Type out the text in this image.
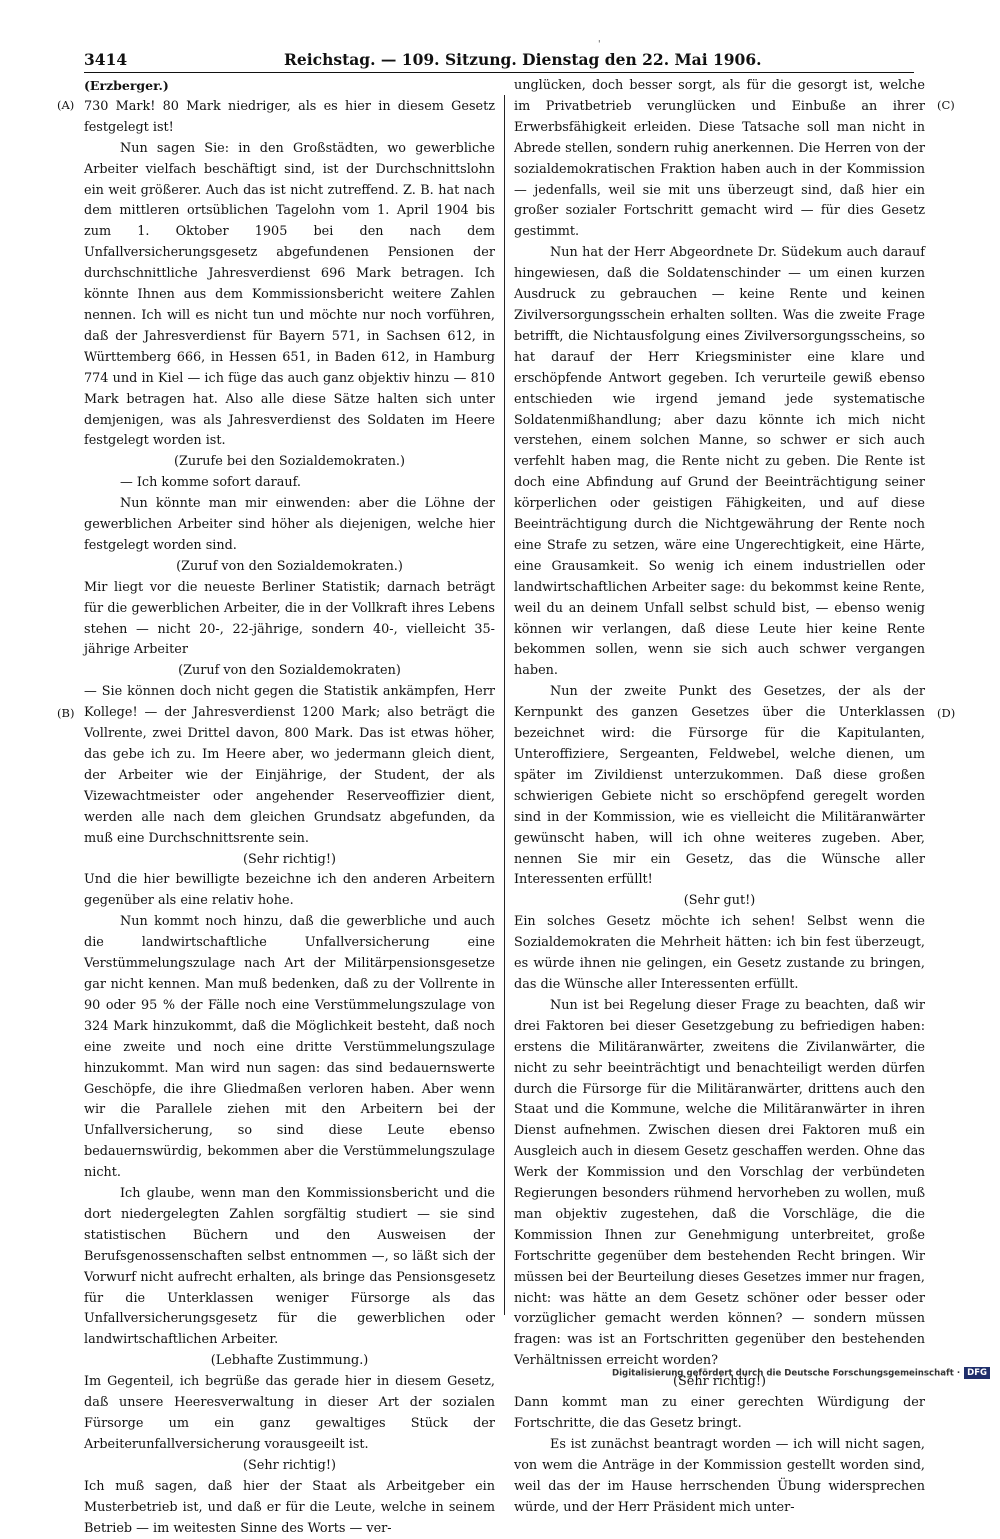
'
3414	Reichstag. — 109. Sitzung. Dienstag den 22. Mai 1906.
(A)
(B)
(C)
(D)

(Erzberger.)

730 Mark! 80 Mark niedriger, als es hier in diesem Gesetz festgelegt ist!

Nun sagen Sie: in den Großstädten, wo gewerbliche Arbeiter vielfach beschäftigt sind, ist der Durchschnittslohn ein weit größerer. Auch das ist nicht zutreffend. Z. B. hat nach dem mittleren ortsüblichen Tagelohn vom 1. April 1904 bis zum 1. Oktober 1905 bei den nach dem Unfallversicherungsgesetz abgefundenen Pensionen der durchschnittliche Jahresverdienst 696 Mark betragen. Ich könnte Ihnen aus dem Kommissionsbericht weitere Zahlen nennen. Ich will es nicht tun und möchte nur noch vorführen, daß der Jahresverdienst für Bayern 571, in Sachsen 612, in Württemberg 666, in Hessen 651, in Baden 612, in Hamburg 774 und in Kiel — ich füge das auch ganz objektiv hinzu — 810 Mark betragen hat. Also alle diese Sätze halten sich unter demjenigen, was als Jahresverdienst des Soldaten im Heere festgelegt worden ist.

(Zurufe bei den Sozialdemokraten.)

— Ich komme sofort darauf.

Nun könnte man mir einwenden: aber die Löhne der gewerblichen Arbeiter sind höher als diejenigen, welche hier festgelegt worden sind.

(Zuruf von den Sozialdemokraten.)

Mir liegt vor die neueste Berliner Statistik; darnach beträgt für die gewerblichen Arbeiter, die in der Vollkraft ihres Lebens stehen — nicht 20-, 22-jährige, sondern 40-, vielleicht 35-jährige Arbeiter

(Zuruf von den Sozialdemokraten)

— Sie können doch nicht gegen die Statistik ankämpfen, Herr Kollege! — der Jahresverdienst 1200 Mark; also beträgt die Vollrente, zwei Drittel davon, 800 Mark. Das ist etwas höher, das gebe ich zu. Im Heere aber, wo jedermann gleich dient, der Arbeiter wie der Einjährige, der Student, der als Vizewachtmeister oder angehender Reserveoffizier dient, werden alle nach dem gleichen Grundsatz abgefunden, da muß eine Durchschnittsrente sein.

(Sehr richtig!)

Und die hier bewilligte bezeichne ich den anderen Arbeitern gegenüber als eine relativ hohe.

Nun kommt noch hinzu, daß die gewerbliche und auch die landwirtschaftliche Unfallversicherung eine Verstümmelungszulage nach Art der Militärpensionsgesetze gar nicht kennen. Man muß bedenken, daß zu der Vollrente in 90 oder 95 % der Fälle noch eine Verstümmelungszulage von 324 Mark hinzukommt, daß die Möglichkeit besteht, daß noch eine zweite und noch eine dritte Verstümmelungszulage hinzukommt. Man wird nun sagen: das sind bedauernswerte Geschöpfe, die ihre Gliedmaßen verloren haben. Aber wenn wir die Parallele ziehen mit den Arbeitern bei der Unfallversicherung, so sind diese Leute ebenso bedauernswürdig, bekommen aber die Verstümmelungszulage nicht.

Ich glaube, wenn man den Kommissionsbericht und die dort niedergelegten Zahlen sorgfältig studiert — sie sind statistischen Büchern und den Ausweisen der Berufsgenossenschaften selbst entnommen —, so läßt sich der Vorwurf nicht aufrecht erhalten, als bringe das Pensionsgesetz für die Unterklassen weniger Fürsorge als das Unfallversicherungsgesetz für die gewerblichen oder landwirtschaftlichen Arbeiter.

(Lebhafte Zustimmung.)

Im Gegenteil, ich begrüße das gerade hier in diesem Gesetz, daß unsere Heeresverwaltung in dieser Art der sozialen Fürsorge um ein ganz gewaltiges Stück der Arbeiterunfallversicherung vorausgeeilt ist.

(Sehr richtig!)

Ich muß sagen, daß hier der Staat als Arbeitgeber ein Musterbetrieb ist, und daß er für die Leute, welche in seinem Betrieb — im weitesten Sinne des Worts — ver-

unglücken, doch besser sorgt, als für die gesorgt ist, welche im Privatbetrieb verunglücken und Einbuße an ihrer Erwerbsfähigkeit erleiden. Diese Tatsache soll man nicht in Abrede stellen, sondern ruhig anerkennen. Die Herren von der sozialdemokratischen Fraktion haben auch in der Kommission — jedenfalls, weil sie mit uns überzeugt sind, daß hier ein großer sozialer Fortschritt gemacht wird — für dies Gesetz gestimmt.

Nun hat der Herr Abgeordnete Dr. Südekum auch darauf hingewiesen, daß die Soldatenschinder — um einen kurzen Ausdruck zu gebrauchen — keine Rente und keinen Zivilversorgungsschein erhalten sollten. Was die zweite Frage betrifft, die Nichtausfolgung eines Zivilversorgungsscheins, so hat darauf der Herr Kriegsminister eine klare und erschöpfende Antwort gegeben. Ich verurteile gewiß ebenso entschieden wie irgend jemand jede systematische Soldatenmißhandlung; aber dazu könnte ich mich nicht verstehen, einem solchen Manne, so schwer er sich auch verfehlt haben mag, die Rente nicht zu geben. Die Rente ist doch eine Abfindung auf Grund der Beeinträchtigung seiner körperlichen oder geistigen Fähigkeiten, und auf diese Beeinträchtigung durch die Nichtgewährung der Rente noch eine Strafe zu setzen, wäre eine Ungerechtigkeit, eine Härte, eine Grausamkeit. So wenig ich einem industriellen oder landwirtschaftlichen Arbeiter sage: du bekommst keine Rente, weil du an deinem Unfall selbst schuld bist, — ebenso wenig können wir verlangen, daß diese Leute hier keine Rente bekommen sollen, wenn sie sich auch schwer vergangen haben.

Nun der zweite Punkt des Gesetzes, der als der Kernpunkt des ganzen Gesetzes über die Unterklassen bezeichnet wird: die Fürsorge für die Kapitulanten, Unteroffiziere, Sergeanten, Feldwebel, welche dienen, um später im Zivildienst unterzukommen. Daß diese großen schwierigen Gebiete nicht so erschöpfend geregelt worden sind in der Kommission, wie es vielleicht die Militäranwärter gewünscht haben, will ich ohne weiteres zugeben. Aber, nennen Sie mir ein Gesetz, das die Wünsche aller Interessenten erfüllt!

(Sehr gut!)

Ein solches Gesetz möchte ich sehen! Selbst wenn die Sozialdemokraten die Mehrheit hätten: ich bin fest überzeugt, es würde ihnen nie gelingen, ein Gesetz zustande zu bringen, das die Wünsche aller Interessenten erfüllt.

Nun ist bei Regelung dieser Frage zu beachten, daß wir drei Faktoren bei dieser Gesetzgebung zu befriedigen haben: erstens die Militäranwärter, zweitens die Zivilanwärter, die nicht zu sehr beeinträchtigt und benachteiligt werden dürfen durch die Fürsorge für die Militäranwärter, drittens auch den Staat und die Kommune, welche die Militäranwärter in ihren Dienst aufnehmen. Zwischen diesen drei Faktoren muß ein Ausgleich auch in diesem Gesetz geschaffen werden. Ohne das Werk der Kommission und den Vorschlag der verbündeten Regierungen besonders rühmend hervorheben zu wollen, muß man objektiv zugestehen, daß die Vorschläge, die die Kommission Ihnen zur Genehmigung unterbreitet, große Fortschritte gegenüber dem bestehenden Recht bringen. Wir müssen bei der Beurteilung dieses Gesetzes immer nur fragen, nicht: was hätte an dem Gesetz schöner oder besser oder vorzüglicher gemacht werden können? — sondern müssen fragen: was ist an Fortschritten gegenüber den bestehenden Verhältnissen erreicht worden?

(Sehr richtig!)

Dann kommt man zu einer gerechten Würdigung der Fortschritte, die das Gesetz bringt.

Es ist zunächst beantragt worden — ich will nicht sagen, von wem die Anträge in der Kommission gestellt worden sind, weil das der im Hause herrschenden Übung widersprechen würde, und der Herr Präsident mich unter-

Digitalisierung gefördert durch die Deutsche Forschungsgemeinschaft · DFG
